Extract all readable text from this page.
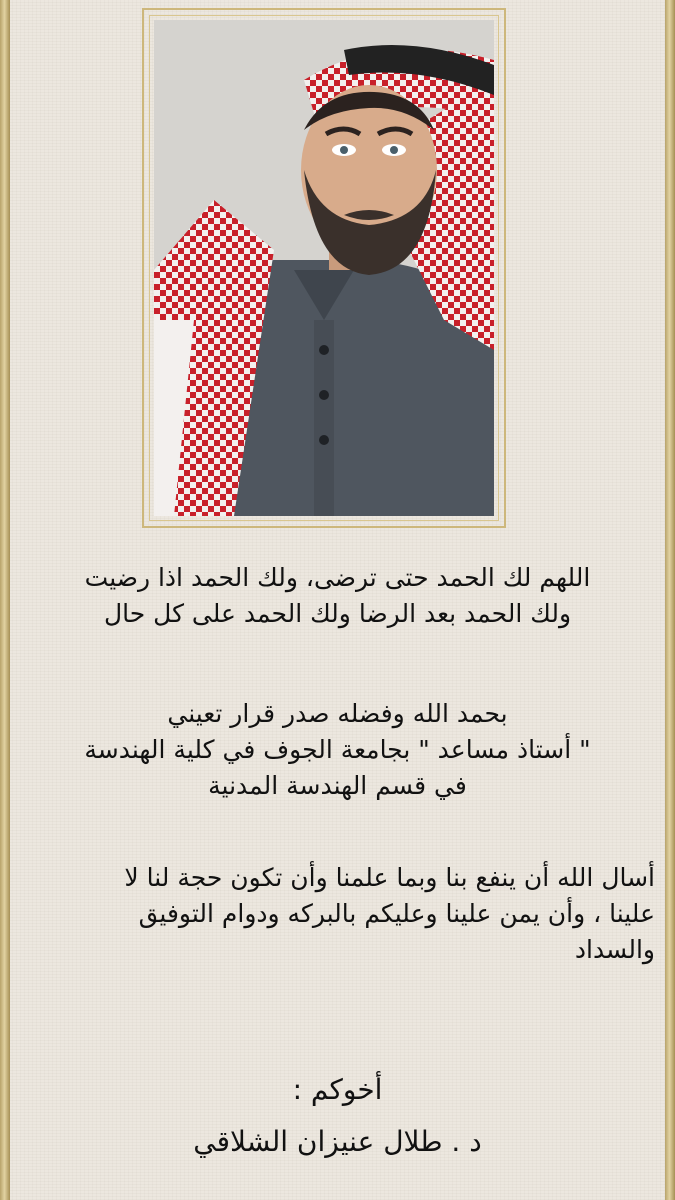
اللهم لك الحمد حتى ترضى، ولك الحمد اذا رضيت
ولك الحمد بعد الرضا ولك الحمد على كل حال
بحمد الله وفضله صدر قرار تعيني
" أستاذ مساعد " بجامعة الجوف في كلية الهندسة
في قسم الهندسة المدنية
أسال الله أن ينفع بنا وبما علمنا وأن تكون حجة لنا لا
علينا ، وأن يمن علينا وعليكم بالبركه ودوام التوفيق
والسداد
أخوكم :
د . طلال عنيزان الشلاقي
